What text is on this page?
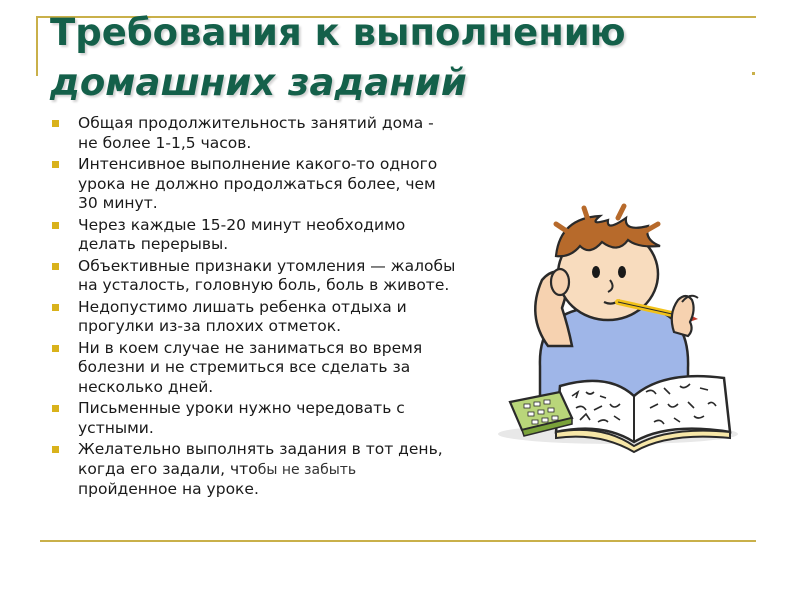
Требования к выполнению
домашних заданий
Общая продолжительность занятий дома - не более 1-1,5 часов.
Интенсивное выполнение какого-то одного урока не должно продолжаться более, чем 30 минут.
Через каждые 15-20 минут необходимо делать перерывы.
Объективные признаки утомления — жалобы на усталость, головную боль, боль в животе.
Недопустимо лишать ребенка отдыха и прогулки из-за плохих отметок.
Ни в коем случае не заниматься во время болезни и не стремиться все сделать за несколько дней.
Письменные уроки нужно чередовать с устными.
Желательно выполнять задания в тот день, когда его задали, чтобы не забыть пройденное на уроке.
